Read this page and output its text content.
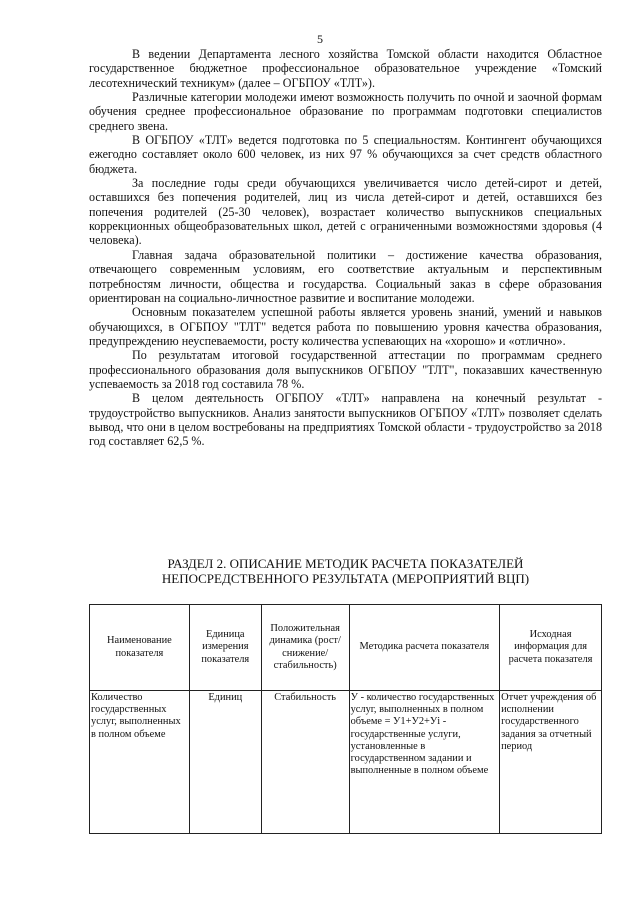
5

В ведении Департамента лесного хозяйства Томской области находится Областное государственное бюджетное профессиональное образовательное учреждение «Томский лесотехнический техникум» (далее – ОГБПОУ «ТЛТ»).

Различные категории молодежи имеют возможность получить по очной и заочной формам обучения среднее профессиональное образование по программам подготовки специалистов среднего звена.

В ОГБПОУ «ТЛТ» ведется подготовка по 5 специальностям. Контингент обучающихся ежегодно составляет около 600 человек, из них 97 % обучающихся за счет средств областного бюджета.

За последние годы среди обучающихся увеличивается число детей-сирот и детей, оставшихся без попечения родителей, лиц из числа детей-сирот и детей, оставшихся без попечения родителей (25-30 человек), возрастает количество выпускников специальных коррекционных общеобразовательных школ, детей с ограниченными возможностями здоровья (4 человека).

Главная задача образовательной политики – достижение качества образования, отвечающего современным условиям, его соответствие актуальным и перспективным потребностям личности, общества и государства. Социальный заказ в сфере образования ориентирован на социально-личностное развитие и воспитание молодежи.

Основным показателем успешной работы является уровень знаний, умений и навыков обучающихся, в ОГБПОУ "ТЛТ" ведется работа по повышению уровня качества образования, предупреждению неуспеваемости, росту количества успевающих на «хорошо» и «отлично».

По результатам итоговой государственной аттестации по программам среднего профессионального образования доля выпускников ОГБПОУ "ТЛТ", показавших качественную успеваемость за 2018 год составила 78 %.

В целом деятельность ОГБПОУ «ТЛТ» направлена на конечный результат - трудоустройство выпускников. Анализ занятости выпускников ОГБПОУ «ТЛТ» позволяет сделать вывод, что они в целом востребованы на предприятиях Томской области - трудоустройство за 2018 год составляет 62,5 %.

РАЗДЕЛ 2. ОПИСАНИЕ МЕТОДИК РАСЧЕТА ПОКАЗАТЕЛЕЙ
НЕПОСРЕДСТВЕННОГО РЕЗУЛЬТАТА (МЕРОПРИЯТИЙ ВЦП)
Наименование показателя	Единица измерения показателя	Положительная динамика (рост/снижение/ стабильность)	Методика расчета показателя	Исходная информация для расчета показателя
Количество государственных услуг, выполненных в полном объеме	Единиц	Стабильность	У - количество государственных услуг, выполненных в полном объеме = У1+У2+Уi - государственные услуги, установленные в государственном задании и выполненные в полном объеме	Отчет учреждения об исполнении государственного задания за отчетный период
